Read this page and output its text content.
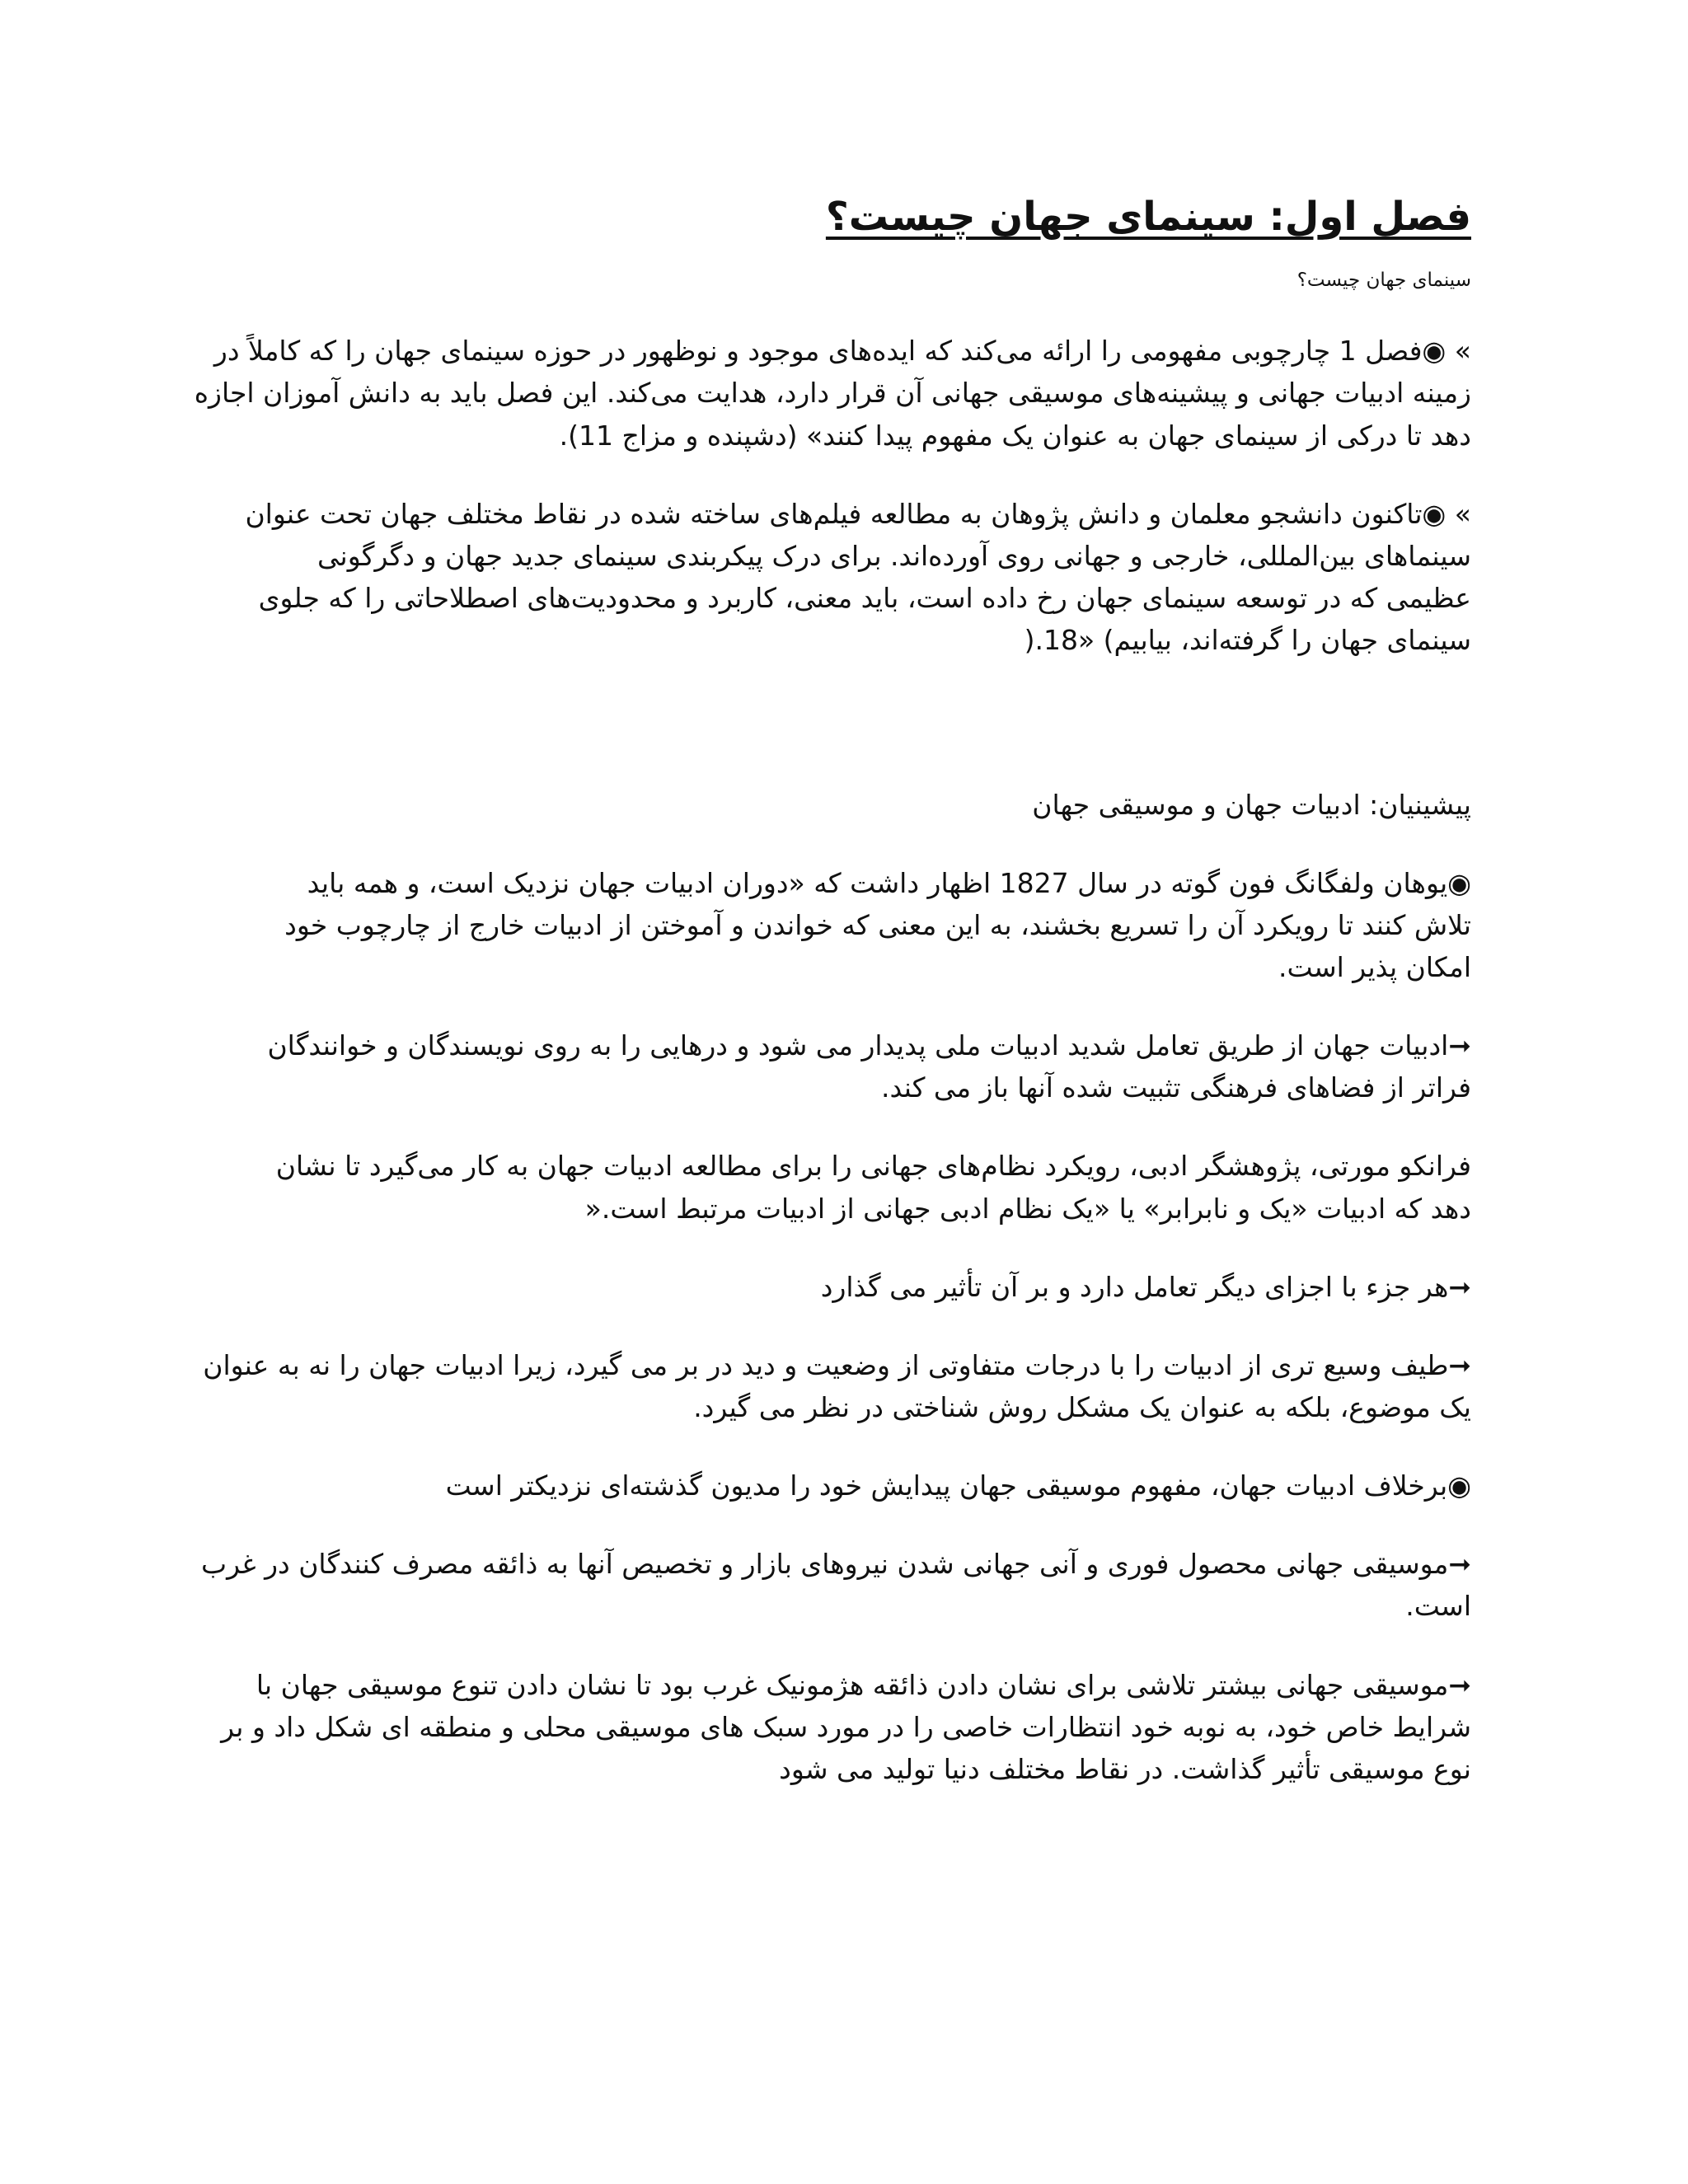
فصل اول: سینمای جهان چیست؟
سینمای جهان چیست؟

» ◉فصل 1 چارچوبی مفهومی را ارائه می‌کند که ایده‌های موجود و نوظهور در حوزه سینمای جهان را که کاملاً در زمینه ادبیات جهانی و پیشینه‌های موسیقی جهانی آن قرار دارد، هدایت می‌کند. این فصل باید به دانش آموزان اجازه دهد تا درکی از سینمای جهان به عنوان یک مفهوم پیدا کنند» (دشپنده و مزاج 11).

» ◉تاکنون دانشجو معلمان و دانش پژوهان به مطالعه فیلم‌های ساخته شده در نقاط مختلف جهان تحت عنوان سینماهای بین‌المللی، خارجی و جهانی روی آورده‌اند. برای درک پیکربندی سینمای جدید جهان و دگرگونی عظیمی که در توسعه سینمای جهان رخ داده است، باید معنی، کاربرد و محدودیت‌های اصطلاحاتی را که جلوی سینمای جهان را گرفته‌اند، بیابیم) «18.(

پیشینیان: ادبیات جهان و موسیقی جهان

◉یوهان ولفگانگ فون گوته در سال 1827 اظهار داشت که «دوران ادبیات جهان نزدیک است، و همه باید تلاش کنند تا رویکرد آن را تسریع بخشند، به این معنی که خواندن و آموختن از ادبیات خارج از چارچوب خود امکان پذیر است.

➞ادبیات جهان از طریق تعامل شدید ادبیات ملی پدیدار می شود و درهایی را به روی نویسندگان و خوانندگان فراتر از فضاهای فرهنگی تثبیت شده آنها باز می کند.

فرانکو مورتی، پژوهشگر ادبی، رویکرد نظام‌های جهانی را برای مطالعه ادبیات جهان به کار می‌گیرد تا نشان دهد که ادبیات «یک و نابرابر» یا «یک نظام ادبی جهانی از ادبیات مرتبط است.«

➞هر جزء با اجزای دیگر تعامل دارد و بر آن تأثیر می گذارد

➞طیف وسیع تری از ادبیات را با درجات متفاوتی از وضعیت و دید در بر می گیرد، زیرا ادبیات جهان را نه به عنوان یک موضوع، بلکه به عنوان یک مشکل روش شناختی در نظر می گیرد.

◉برخلاف ادبیات جهان، مفهوم موسیقی جهان پیدایش خود را مدیون گذشته‌ای نزدیکتر است

➞موسیقی جهانی محصول فوری و آنی جهانی شدن نیروهای بازار و تخصیص آنها به ذائقه مصرف کنندگان در غرب است.

➞موسیقی جهانی بیشتر تلاشی برای نشان دادن ذائقه هژمونیک غرب بود تا نشان دادن تنوع موسیقی جهان با شرایط خاص خود، به نوبه خود انتظارات خاصی را در مورد سبک های موسیقی محلی و منطقه ای شکل داد و بر نوع موسیقی تأثیر گذاشت. در نقاط مختلف دنیا تولید می شود
